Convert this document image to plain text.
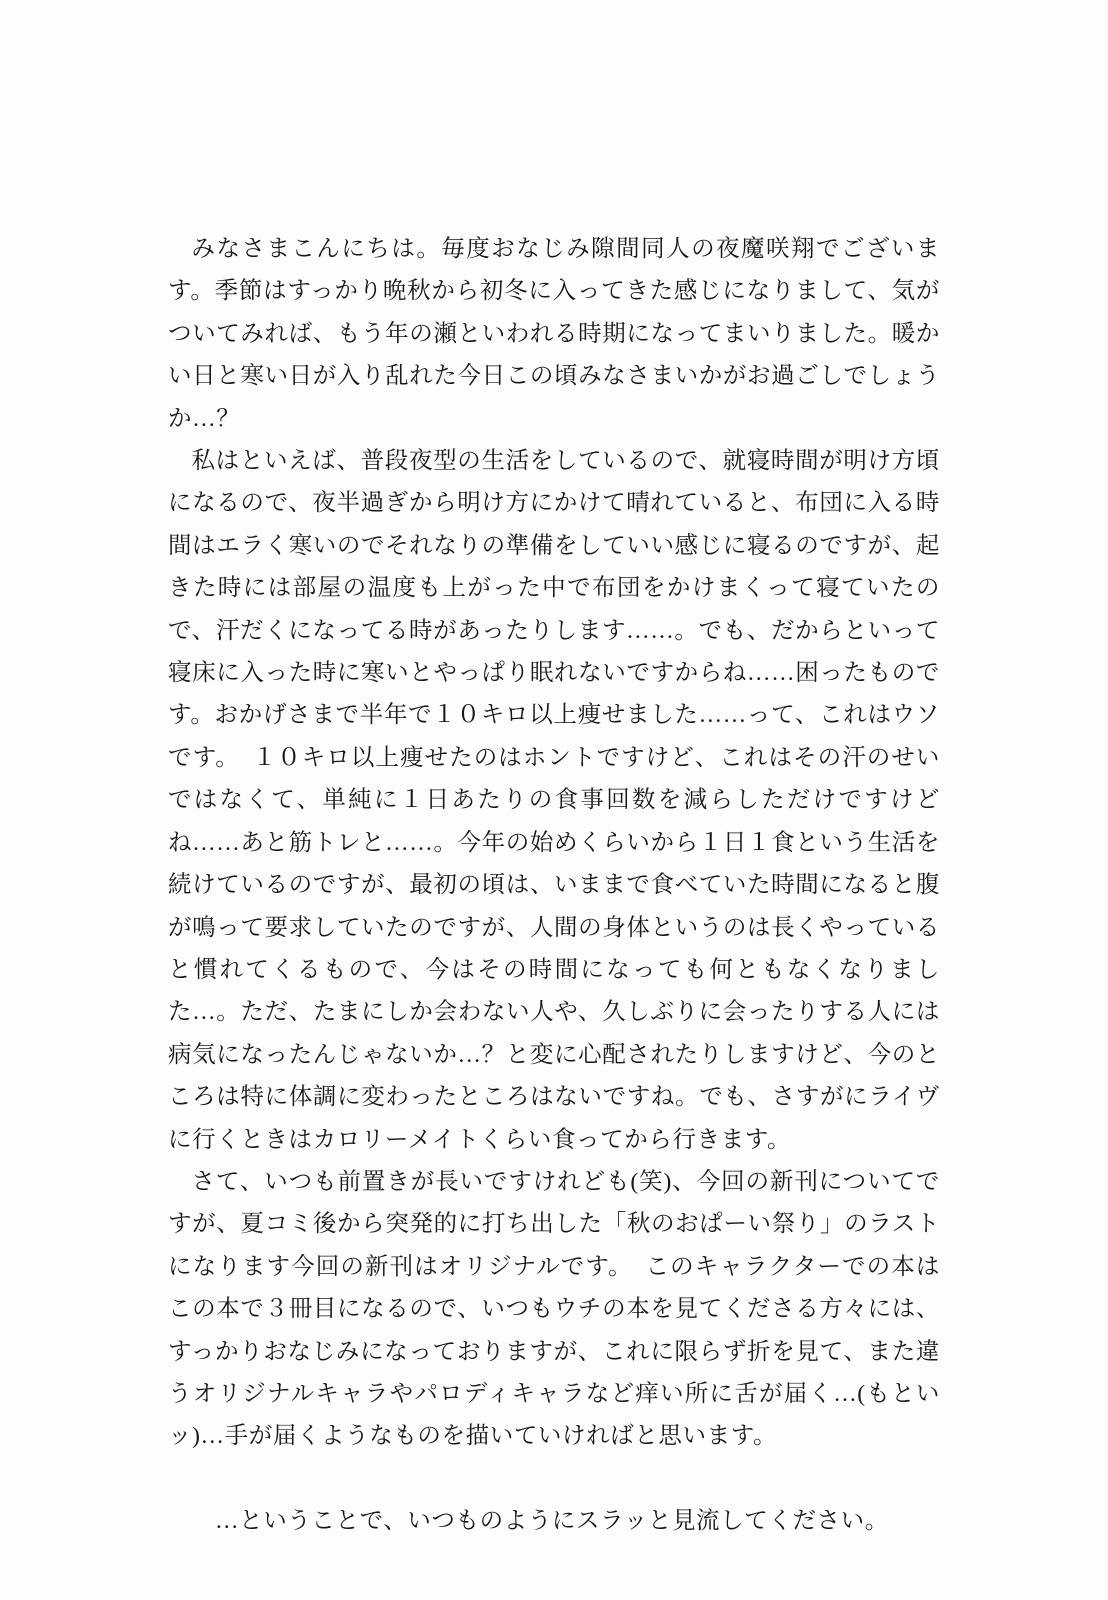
みなさまこんにちは。毎度おなじみ隙間同人の夜魔咲翔でございます。季節はすっかり晩秋から初冬に入ってきた感じになりまして、気がついてみれば、もう年の瀬といわれる時期になってまいりました。暖かい日と寒い日が入り乱れた今日この頃みなさまいかがお過ごしでしょうか…？

私はといえば、普段夜型の生活をしているので、就寝時間が明け方頃になるので、夜半過ぎから明け方にかけて晴れていると、布団に入る時間はエラく寒いのでそれなりの準備をしていい感じに寝るのですが、起きた時には部屋の温度も上がった中で布団をかけまくって寝ていたので、汗だくになってる時があったりします……。でも、だからといって寝床に入った時に寒いとやっぱり眠れないですからね……困ったものです。おかげさまで半年で１０キロ以上痩せました……って、これはウソです。　１０キロ以上痩せたのはホントですけど、これはその汗のせいではなくて、単純に１日あたりの食事回数を減らしただけですけどね……あと筋トレと……。今年の始めくらいから１日１食という生活を続けているのですが、最初の頃は、いままで食べていた時間になると腹が鳴って要求していたのですが、人間の身体というのは長くやっていると慣れてくるもので、今はその時間になっても何ともなくなりました…。ただ、たまにしか会わない人や、久しぶりに会ったりする人には病気になったんじゃないか…？と変に心配されたりしますけど、今のところは特に体調に変わったところはないですね。でも、さすがにライヴに行くときはカロリーメイトくらい食ってから行きます。

さて、いつも前置きが長いですけれども(笑)、今回の新刊についてですが、夏コミ後から突発的に打ち出した「秋のおぱーい祭り」のラストになります今回の新刊はオリジナルです。　このキャラクターでの本はこの本で３冊目になるので、いつもウチの本を見てくださる方々には、すっかりおなじみになっておりますが、これに限らず折を見て、また違うオリジナルキャラやパロディキャラなど痒い所に舌が届く…(もといッ)…手が届くようなものを描いていければと思います。

…ということで、いつものようにスラッと見流してください。
